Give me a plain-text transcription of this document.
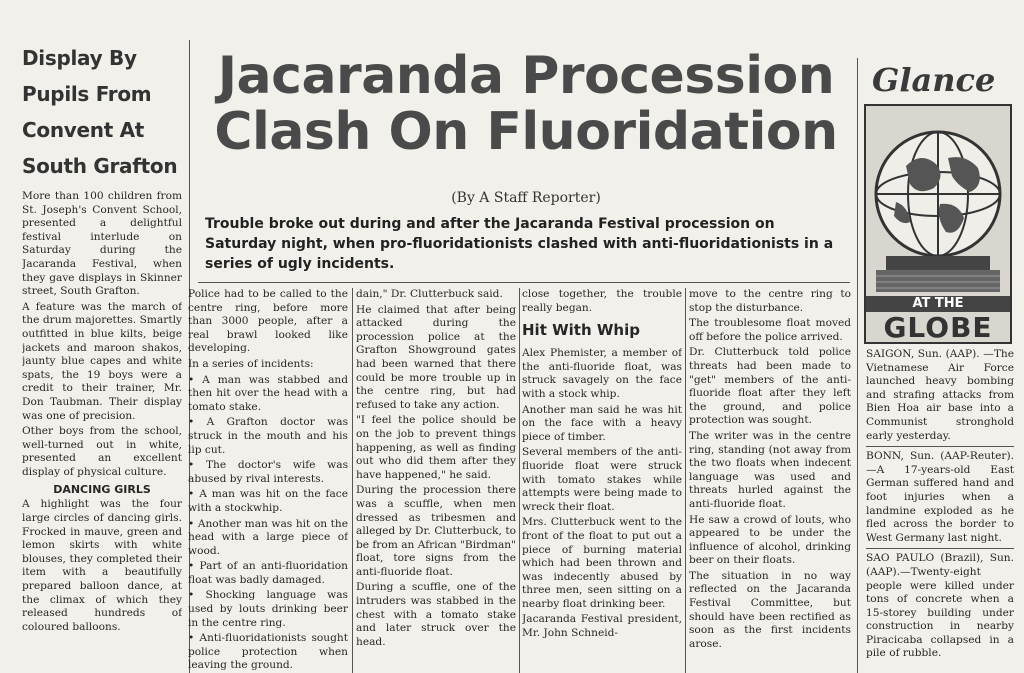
Display By Pupils From Convent At South Grafton

More than 100 children from St. Joseph's Convent School, presented a delightful festival interlude on Saturday during the Jacaranda Festival, when they gave displays in Skinner street, South Grafton.

A feature was the march of the drum majorettes. Smartly outfitted in blue kilts, beige jackets and maroon shakos, jaunty blue capes and white spats, the 19 boys were a credit to their trainer, Mr. Don Taubman. Their display was one of precision.

Other boys from the school, well-turned out in white, presented an excellent display of physical culture.

DANCING GIRLS

A highlight was the four large circles of dancing girls. Frocked in mauve, green and lemon skirts with white blouses, they completed their item with a beautifully prepared balloon dance, at the climax of which they released hundreds of coloured balloons.

Jacaranda Procession Clash On Fluoridation

(By A Staff Reporter)

Trouble broke out during and after the Jacaranda Festival procession on Saturday night, when pro-fluoridationists clashed with anti-fluoridationists in a series of ugly incidents.

Police had to be called to the centre ring, before more than 3000 people, after a real brawl looked like developing.

In a series of incidents:

• A man was stabbed and then hit over the head with a tomato stake.

• A Grafton doctor was struck in the mouth and his lip cut.

• The doctor's wife was abused by rival interests.

• A man was hit on the face with a stockwhip.

• Another man was hit on the head with a large piece of wood.

• Part of an anti-fluoridation float was badly damaged.

• Shocking language was used by louts drinking beer in the centre ring.

• Anti-fluoridationists sought police protection when leaving the ground.

dain," Dr. Clutterbuck said.

He claimed that after being attacked during the procession police at the Grafton Showground gates had been warned that there could be more trouble up in the centre ring, but had refused to take any action.

"I feel the police should be on the job to prevent things happening, as well as finding out who did them after they have happened," he said.

During the procession there was a scuffle, when men dressed as tribesmen and alleged by Dr. Clutterbuck, to be from an African "Birdman" float, tore signs from the anti-fluoride float.

During a scuffle, one of the intruders was stabbed in the chest with a tomato stake and later struck over the head.

close together, the trouble really began.

Hit With Whip

Alex Phemister, a member of the anti-fluoride float, was struck savagely on the face with a stock whip.

Another man said he was hit on the face with a heavy piece of timber.

Several members of the anti-fluoride float were struck with tomato stakes while attempts were being made to wreck their float.

Mrs. Clutterbuck went to the front of the float to put out a piece of burning material which had been thrown and was indecently abused by three men, seen sitting on a nearby float drinking beer.

Jacaranda Festival president, Mr. John Schneid-

move to the centre ring to stop the disturbance.

The troublesome float moved off before the police arrived.

Dr. Clutterbuck told police threats had been made to "get" members of the anti-fluoride float after they left the ground, and police protection was sought.

The writer was in the centre ring, standing (not away from the two floats when indecent language was used and threats hurled against the anti-fluoride float.

He saw a crowd of louts, who appeared to be under the influence of alcohol, drinking beer on their floats.

The situation in no way reflected on the Jacaranda Festival Committee, but should have been rectified as soon as the first incidents arose.

Glance
AT THE
GLOBE

SAIGON, Sun. (AAP). —The Vietnamese Air Force launched heavy bombing and strafing attacks from Bien Hoa air base into a Communist stronghold early yesterday.

BONN, Sun. (AAP-Reuter).—A 17-years-old East German suffered hand and foot injuries when a landmine exploded as he fled across the border to West Germany last night.

SAO PAULO (Brazil), Sun. (AAP).—Twenty-eight people were killed under tons of concrete when a 15-storey building under construction in nearby Piracicaba collapsed in a pile of rubble.
